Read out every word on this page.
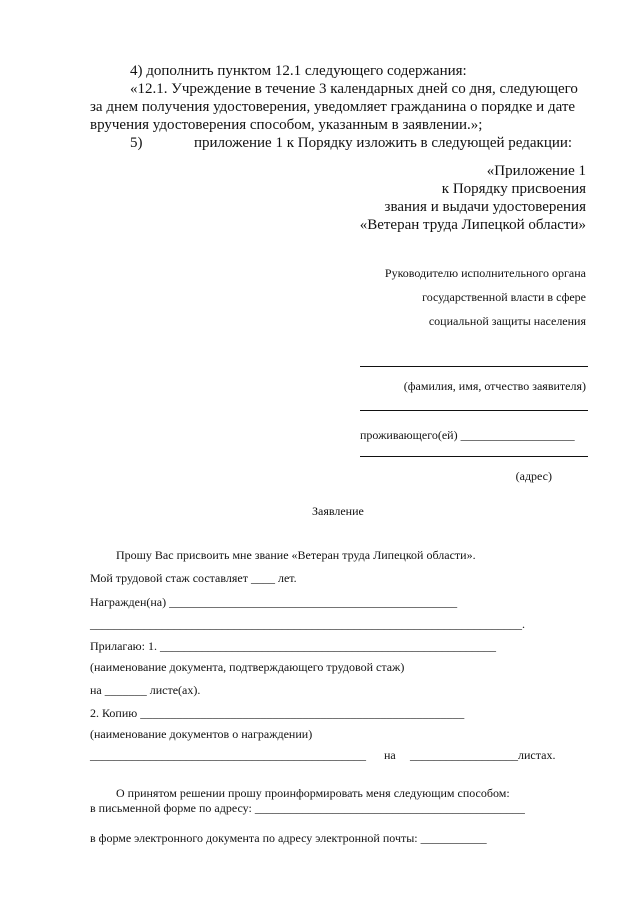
4) дополнить пунктом 12.1 следующего содержания:
«12.1. Учреждение в течение 3 календарных дней со дня, следующего
за днем получения удостоверения, уведомляет гражданина о порядке и дате
вручения удостоверения способом, указанным в заявлении.»;
5)	приложение 1 к Порядку изложить в следующей редакции:
«Приложение 1
к Порядку присвоения
звания и выдачи удостоверения
«Ветеран труда Липецкой области»
Руководителю исполнительного органа
государственной власти в сфере
социальной защиты населения
(фамилия, имя, отчество заявителя)
проживающего(ей) ___________________
(адрес)
Заявление
Прошу Вас присвоить мне звание «Ветеран труда Липецкой области».
Мой трудовой стаж составляет ____ лет.
Награжден(на) ________________________________________________
________________________________________________________________________.
Прилагаю: 1. ________________________________________________________
(наименование документа, подтверждающего трудовой стаж)
на _______ листе(ах).
2. Копию ______________________________________________________
(наименование документов о награждении)
______________________________________________ на __________________листах.
О принятом решении прошу проинформировать меня следующим способом:
в письменной форме по адресу: _____________________________________________
в форме электронного документа по адресу электронной почты: ___________
